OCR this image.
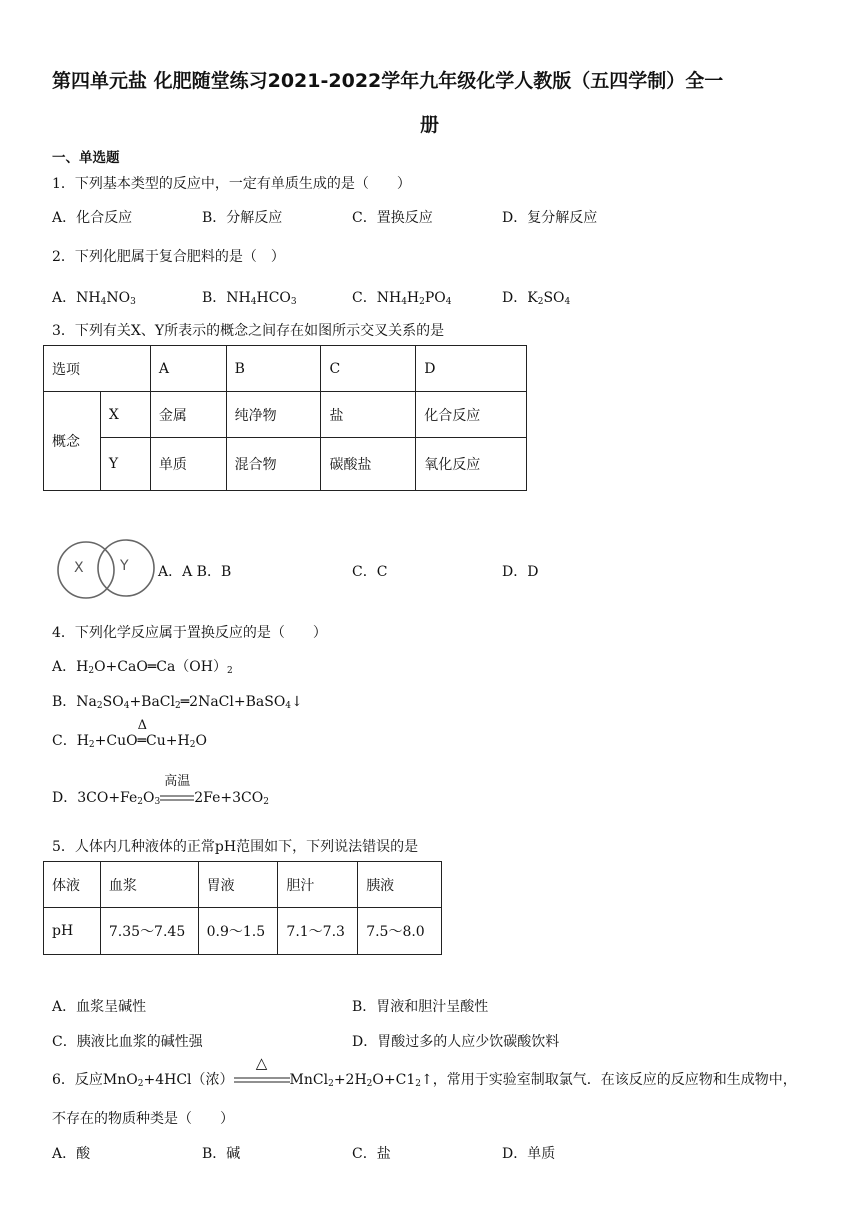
第四单元盐 化肥随堂练习2021-2022学年九年级化学人教版（五四学制）全一
册
一、单选题
1．下列基本类型的反应中，一定有单质生成的是（　　）
A．化合反应	B．分解反应	C．置换反应	D．复分解反应
2．下列化肥属于复合肥料的是（　）
A．$NH_4NO_3$	B．$NH_4HCO_3$	C．$NH_4H_2PO_4$	D．$K_2SO_4$
3．下列有关X、Y所表示的概念之间存在如图所示交叉关系的是
选项		A	B	C	D
概念	X	金属	纯净物	盐	化合反应
	Y	单质	混合物	碳酸盐	氧化反应
X	Y A．A B．B	C．C	D．D
4．下列化学反应属于置换反应的是（　　）
A．$H_2O+CaO═Ca(OH)_2$
B．$Na_2SO_4+BaCl_2═2NaCl+BaSO_4↓$
C．$H_2+CuO$
Δ
$═Cu+H_2O$
D．$3CO+Fe_2O_3$
高温
$2Fe+3CO_2$
5．人体内几种液体的正常pH范围如下，下列说法错误的是
体液	血浆	胃液	胆汁	胰液
pH	7.35～7.45	0.9～1.5	7.1～7.3	7.5～8.0
A．血浆呈碱性	B．胃液和胆汁呈酸性
C．胰液比血浆的碱性强	D．胃酸过多的人应少饮碳酸饮料
6．反应MnO$_2$+4HCl（浓）
△
$MnCl_2+2H_2O+C1_2↑$，常用于实验室制取氯气．在该反应的反应物和生成物中，
不存在的物质种类是（　　）
A．酸	B．碱	C．盐	D．单质
